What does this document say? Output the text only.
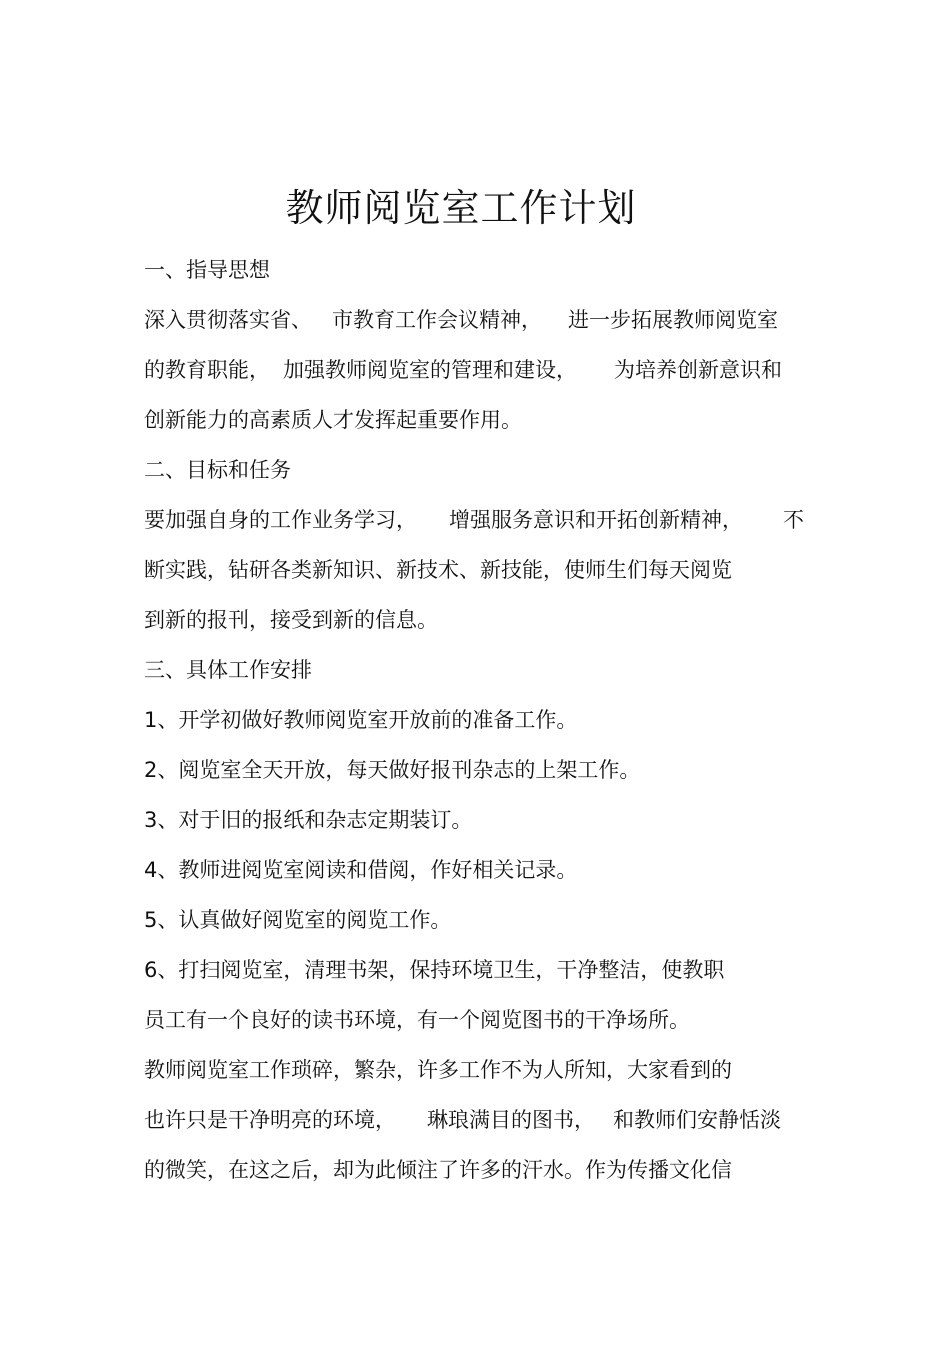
教师阅览室工作计划
一、指导思想
深入贯彻落实省、 市教育工作会议精神， 进一步拓展教师阅览室
的教育职能， 加强教师阅览室的管理和建设， 为培养创新意识和
创新能力的高素质人才发挥起重要作用。
二、目标和任务
要加强自身的工作业务学习， 增强服务意识和开拓创新精神， 不
断实践，钻研各类新知识、新技术、新技能，使师生们每天阅览
到新的报刊，接受到新的信息。
三、具体工作安排
1、开学初做好教师阅览室开放前的准备工作。
2、阅览室全天开放，每天做好报刊杂志的上架工作。
3、对于旧的报纸和杂志定期装订。
4、教师进阅览室阅读和借阅，作好相关记录。
5、认真做好阅览室的阅览工作。
6、打扫阅览室，清理书架，保持环境卫生，干净整洁，使教职
员工有一个良好的读书环境，有一个阅览图书的干净场所。
教师阅览室工作琐碎，繁杂，许多工作不为人所知，大家看到的
也许只是干净明亮的环境， 琳琅满目的图书， 和教师们安静恬淡
的微笑，在这之后，却为此倾注了许多的汗水。作为传播文化信
